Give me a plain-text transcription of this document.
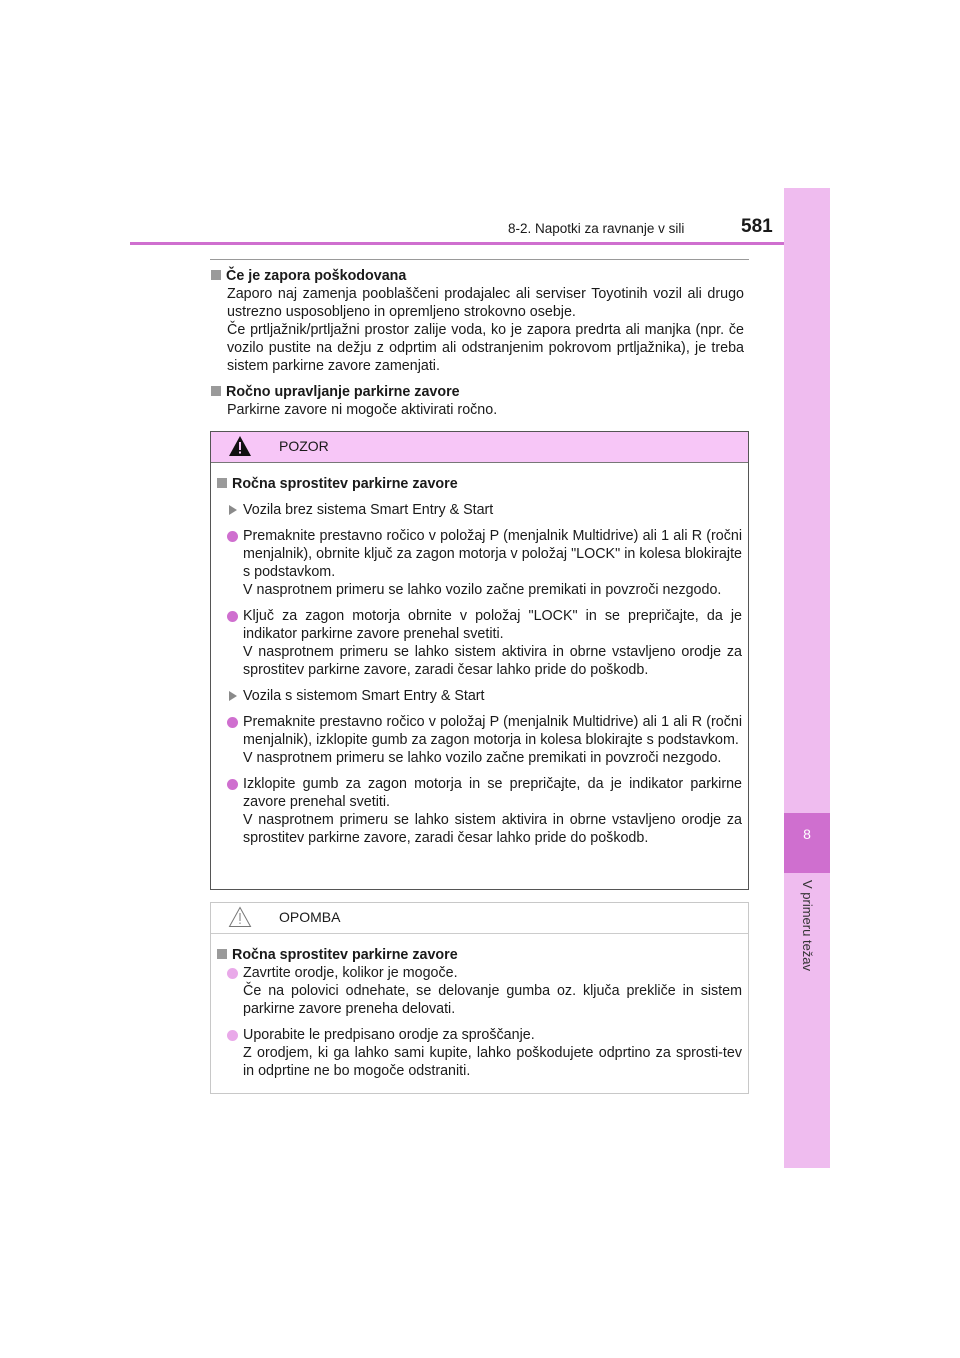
8
V primeru težav
8-2. Napotki za ravnanje v sili	581
Če je zapora poškodovana
Zaporo naj zamenja pooblaščeni prodajalec ali serviser Toyotinih vozil ali drugo ustrezno usposobljeno in opremljeno strokovno osebje.
Če prtljažnik/prtljažni prostor zalije voda, ko je zapora predrta ali manjka (npr. če vozilo pustite na dežju z odprtim ali odstranjenim pokrovom prtljažnika), je treba sistem parkirne zavore zamenjati.
Ročno upravljanje parkirne zavore
Parkirne zavore ni mogoče aktivirati ročno.
POZOR
Ročna sprostitev parkirne zavore
Vozila brez sistema Smart Entry & Start
Premaknite prestavno ročico v položaj P (menjalnik Multidrive) ali 1 ali R (ročni menjalnik), obrnite ključ za zagon motorja v položaj "LOCK" in kolesa blokirajte s podstavkom.
V nasprotnem primeru se lahko vozilo začne premikati in povzroči nezgodo.
Ključ za zagon motorja obrnite v položaj "LOCK" in se prepričajte, da je indikator parkirne zavore prenehal svetiti.
V nasprotnem primeru se lahko sistem aktivira in obrne vstavljeno orodje za sprostitev parkirne zavore, zaradi česar lahko pride do poškodb.
Vozila s sistemom Smart Entry & Start
Premaknite prestavno ročico v položaj P (menjalnik Multidrive) ali 1 ali R (ročni menjalnik), izklopite gumb za zagon motorja in kolesa blokirajte s podstavkom.
V nasprotnem primeru se lahko vozilo začne premikati in povzroči nezgodo.
Izklopite gumb za zagon motorja in se prepričajte, da je indikator parkirne zavore prenehal svetiti.
V nasprotnem primeru se lahko sistem aktivira in obrne vstavljeno orodje za sprostitev parkirne zavore, zaradi česar lahko pride do poškodb.
OPOMBA
Ročna sprostitev parkirne zavore
Zavrtite orodje, kolikor je mogoče.
Če na polovici odnehate, se delovanje gumba oz. ključa prekliče in sistem parkirne zavore preneha delovati.
Uporabite le predpisano orodje za sproščanje.
Z orodjem, ki ga lahko sami kupite, lahko poškodujete odprtino za sprosti-tev in odprtine ne bo mogoče odstraniti.
